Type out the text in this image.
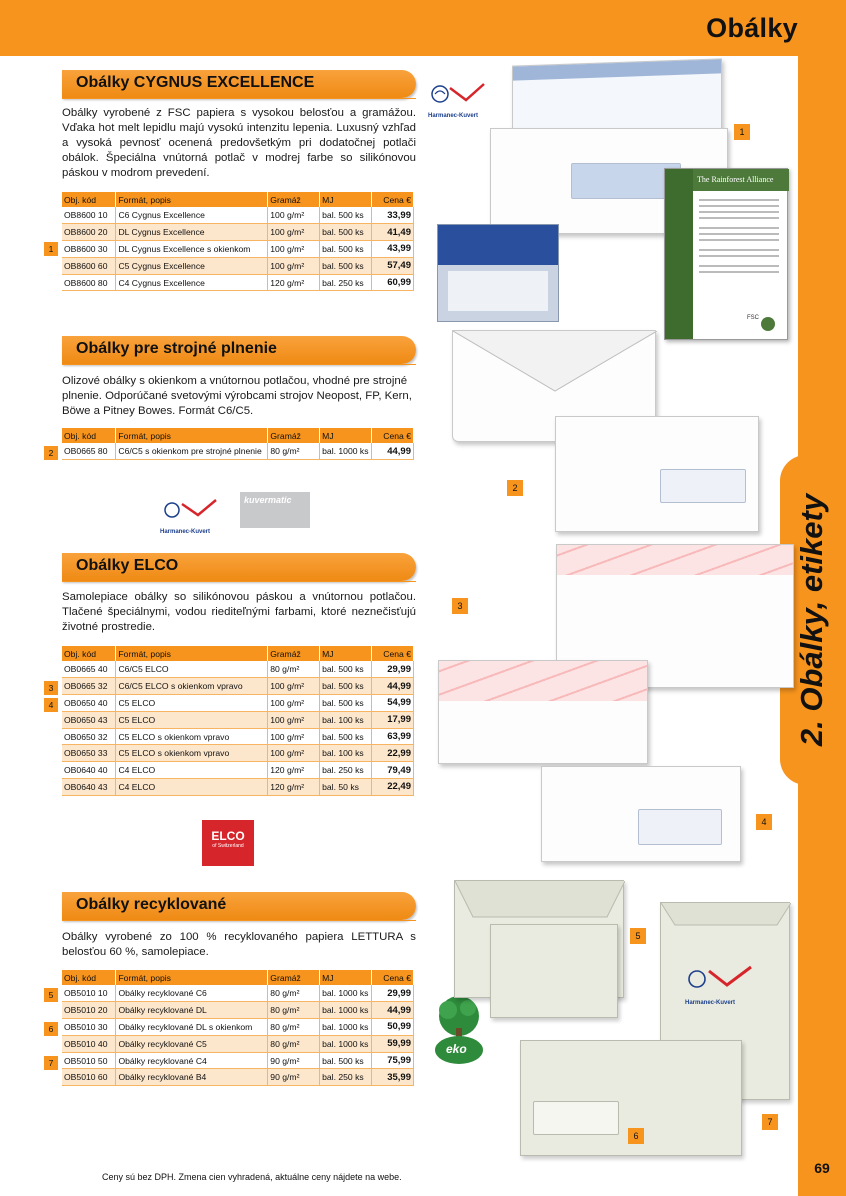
Obálky
2. Obálky, etikety
69
Obálky CYGNUS EXCELLENCE
Obálky vyrobené z FSC papiera s vysokou belosťou a gramážou. Vďaka hot melt lepidlu majú vysokú intenzitu lepenia. Luxusný vzhľad a vysoká pevnosť ocenená predovšetkým pri dodatočnej potlači obálok. Špeciálna vnútorná potlač v modrej farbe so silikónovou páskou v modrom prevedení.
Obj. kód	Formát, popis	Gramáž	MJ	Cena €
OB8600 10	C6 Cygnus Excellence	100 g/m²	bal. 500 ks	33,99
OB8600 20	DL Cygnus Excellence	100 g/m²	bal. 500 ks	41,49
OB8600 30	DL Cygnus Excellence s okienkom	100 g/m²	bal. 500 ks	43,99
OB8600 60	C5 Cygnus Excellence	100 g/m²	bal. 500 ks	57,49
OB8600 80	C4 Cygnus Excellence	120 g/m²	bal. 250 ks	60,99
1
Harmanec-Kuvert
1
The Rainforest Alliance
FSC
Obálky pre strojné plnenie
Olizové obálky s okienkom a vnútornou potlačou, vhodné pre strojné plnenie. Odporúčané svetovými výrobcami strojov Neopost, FP, Kern, Böwe a Pitney Bowes. Formát C6/C5.
Obj. kód	Formát, popis	Gramáž	MJ	Cena €
OB0665 80	C6/C5 s okienkom pre strojné plnenie	80 g/m²	bal. 1000 ks	44,99
2
Harmanec-Kuvert
kuvermatic
2
Obálky ELCO
Samolepiace obálky so silikónovou páskou a vnútornou potlačou. Tlačené špeciálnymi, vodou riediteľnými farbami, ktoré neznečisťujú životné prostredie.
Obj. kód	Formát, popis	Gramáž	MJ	Cena €
OB0665 40	C6/C5 ELCO	80 g/m²	bal. 500 ks	29,99
OB0665 32	C6/C5 ELCO s okienkom vpravo	100 g/m²	bal. 500 ks	44,99
OB0650 40	C5 ELCO	100 g/m²	bal. 500 ks	54,99
OB0650 43	C5 ELCO	100 g/m²	bal. 100 ks	17,99
OB0650 32	C5 ELCO s okienkom vpravo	100 g/m²	bal. 500 ks	63,99
OB0650 33	C5 ELCO s okienkom vpravo	100 g/m²	bal. 100 ks	22,99
OB0640 40	C4 ELCO	120 g/m²	bal. 250 ks	79,49
OB0640 43	C4 ELCO	120 g/m²	bal. 50 ks	22,49
3
4
ELCO
of Switzerland
3
4
Obálky recyklované
Obálky vyrobené zo 100 % recyklovaného papiera LETTURA s belosťou 60 %, samolepiace.
Obj. kód	Formát, popis	Gramáž	MJ	Cena €
OB5010 10	Obálky recyklované C6	80 g/m²	bal. 1000 ks	29,99
OB5010 20	Obálky recyklované DL	80 g/m²	bal. 1000 ks	44,99
OB5010 30	Obálky recyklované DL s okienkom	80 g/m²	bal. 1000 ks	50,99
OB5010 40	Obálky recyklované C5	80 g/m²	bal. 1000 ks	59,99
OB5010 50	Obálky recyklované C4	90 g/m²	bal. 500 ks	75,99
OB5010 60	Obálky recyklované B4	90 g/m²	bal. 250 ks	35,99
5
6
7
eko
5
Harmanec-Kuvert
7
6
Ceny sú bez DPH. Zmena cien vyhradená, aktuálne ceny nájdete na webe.
